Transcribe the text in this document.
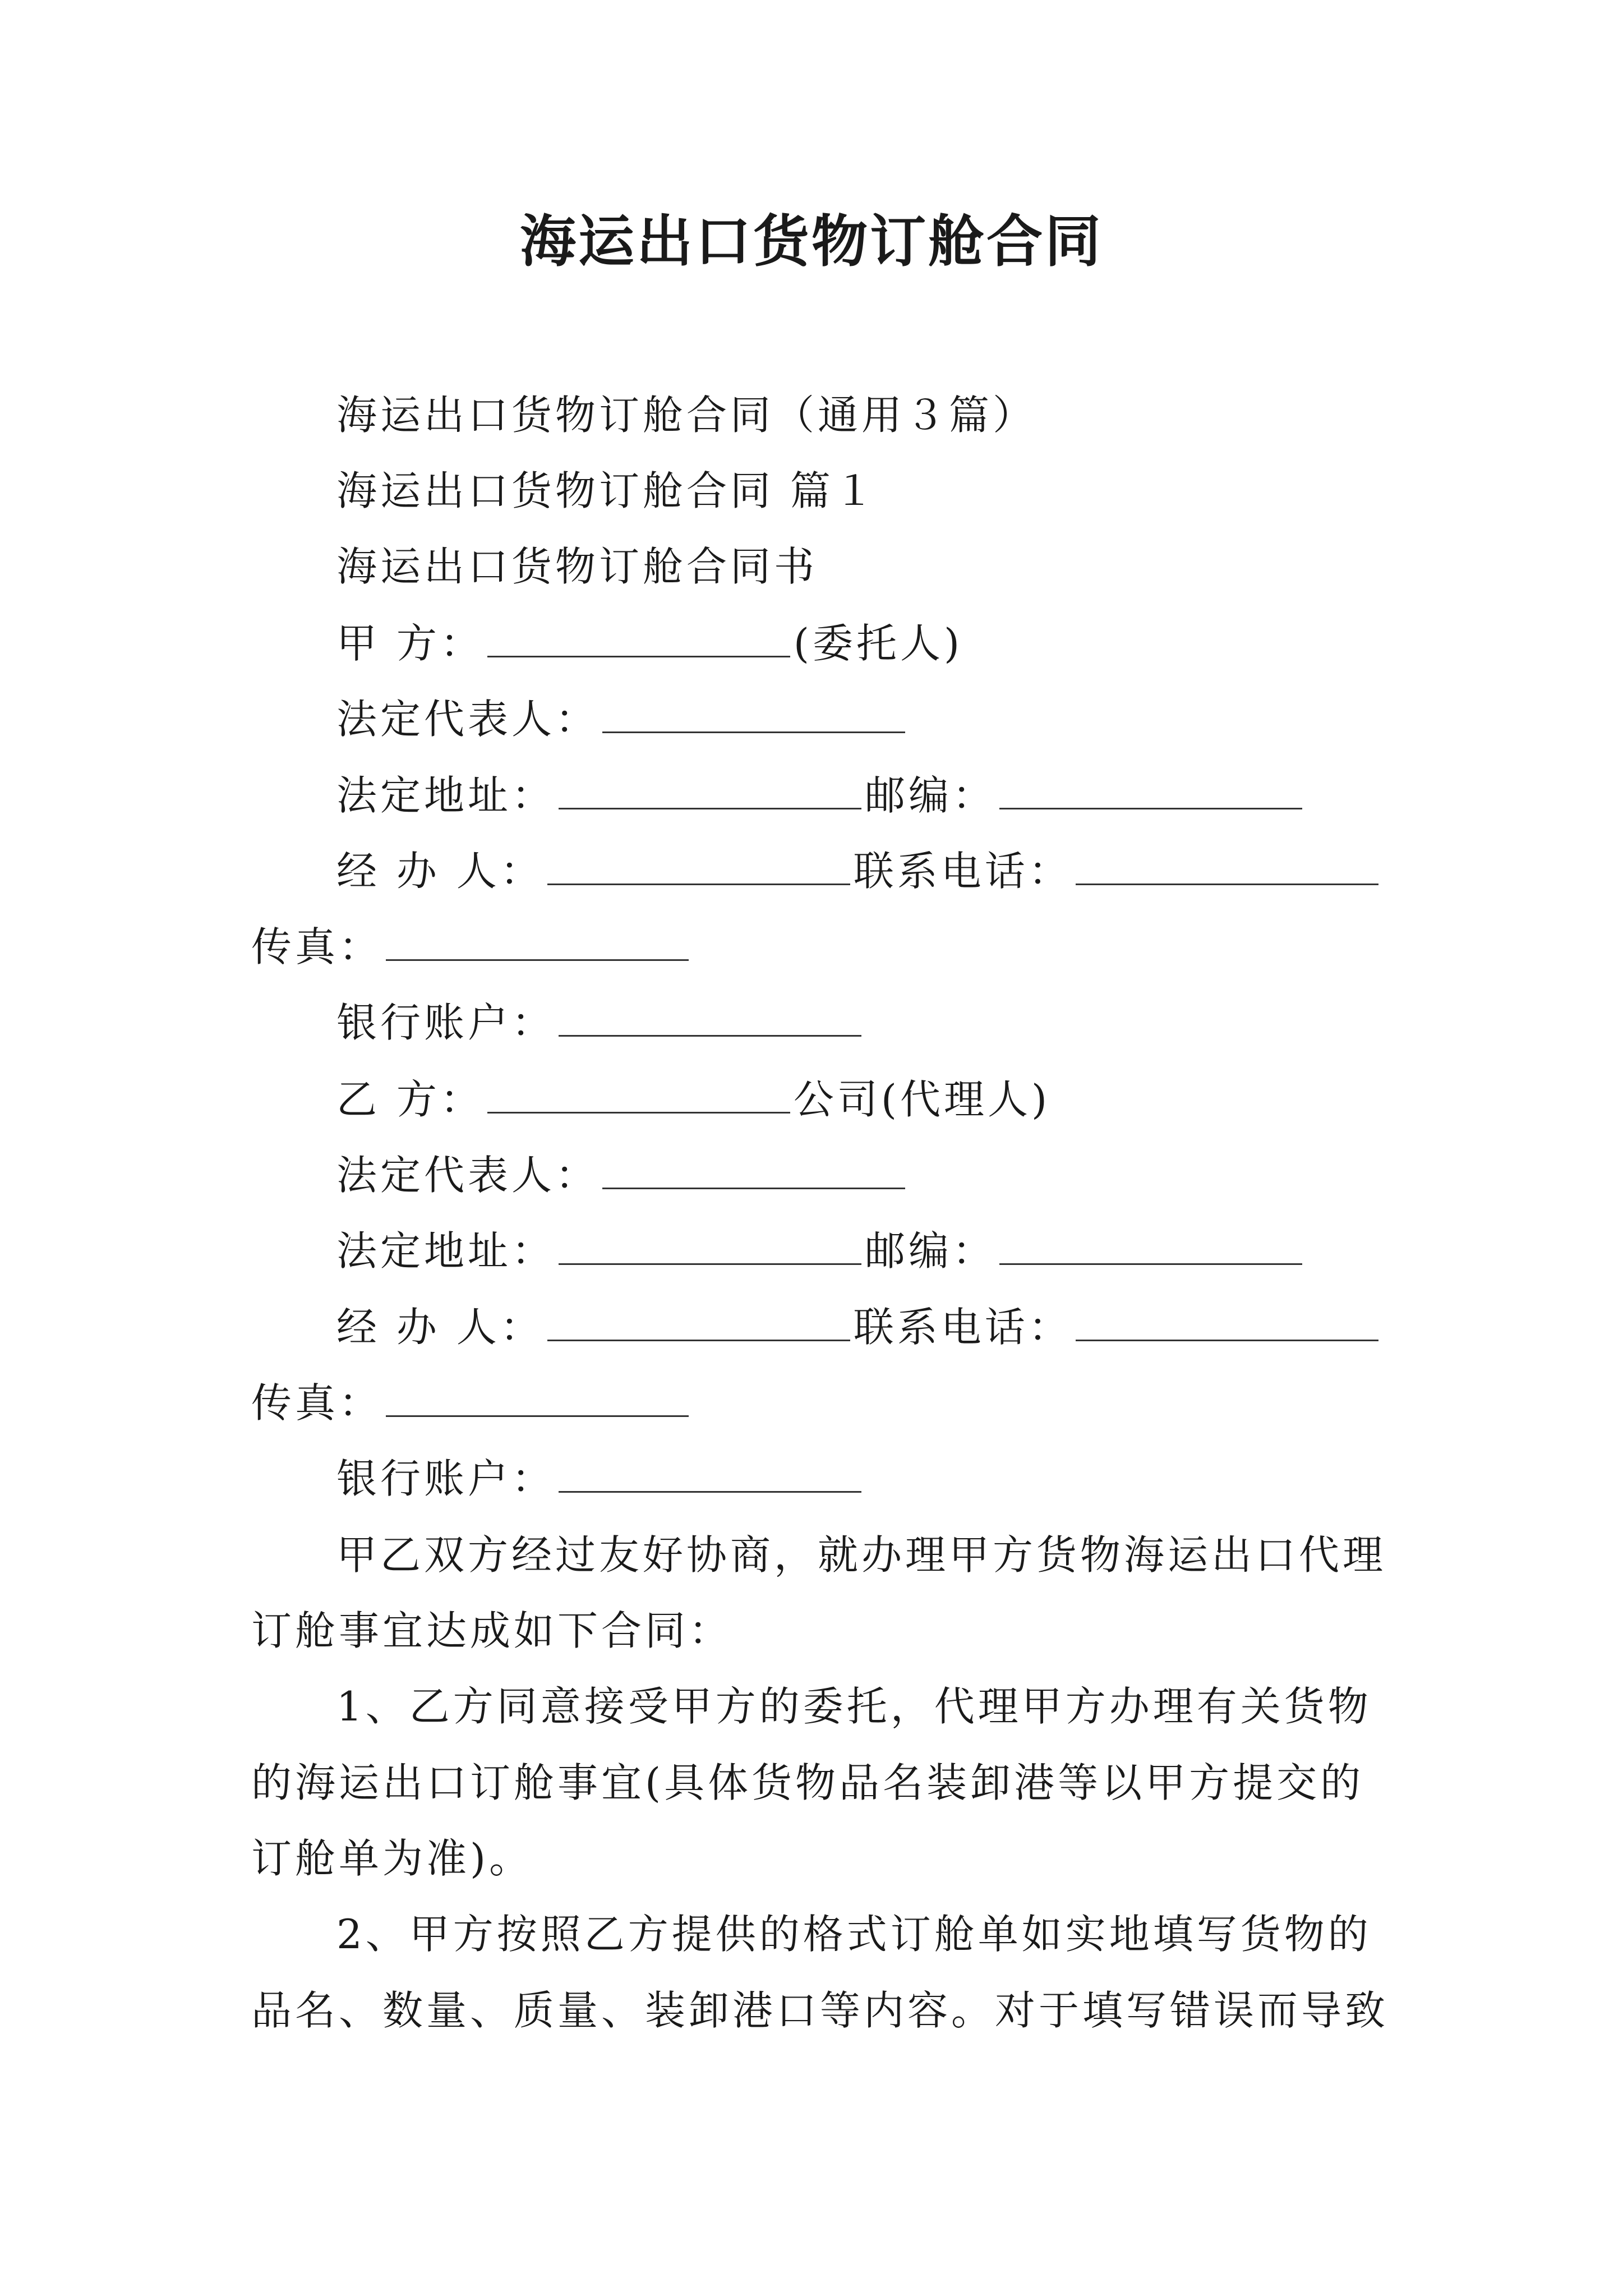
海运出口货物订舱合同
海运出口货物订舱合同（通用３篇）
海运出口货物订舱合同 篇１
海运出口货物订舱合同书
甲 方：	(委托人)
法定代表人：
法定地址：	邮编：
经 办 人：	联系电话：
传真：
银行账户：
乙 方：	公司(代理人)
法定代表人：
法定地址：	邮编：
经 办 人：	联系电话：
传真：
银行账户：
甲乙双方经过友好协商，就办理甲方货物海运出口代理
订舱事宜达成如下合同：
1、乙方同意接受甲方的委托，代理甲方办理有关货物
的海运出口订舱事宜(具体货物品名装卸港等以甲方提交的
订舱单为准)。
2、甲方按照乙方提供的格式订舱单如实地填写货物的
品名、数量、质量、装卸港口等内容。对于填写错误而导致
